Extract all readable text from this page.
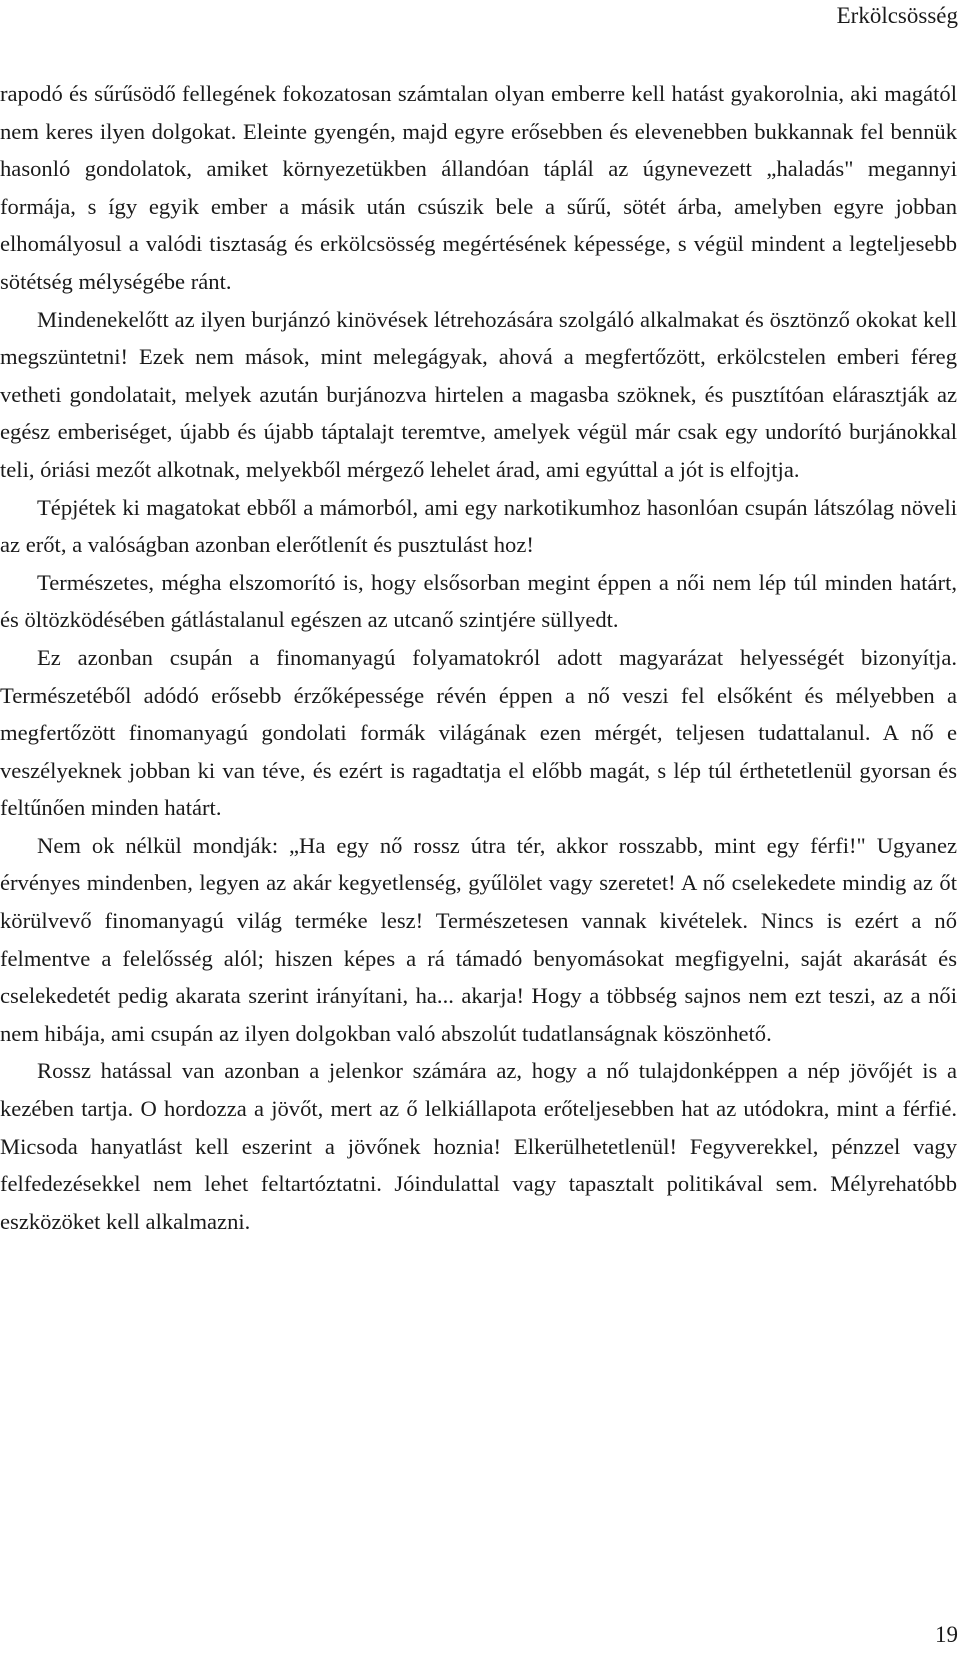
Erkölcsösség

rapodó és sűrűsödő fellegének fokozatosan számtalan olyan emberre kell hatást gyakorolnia, aki magától nem keres ilyen dolgokat. Eleinte gyengén, majd egyre erősebben és elevenebben bukkannak fel bennük hasonló gondolatok, amiket környezetükben állandóan táplál az úgynevezett „haladás" megannyi formája, s így egyik ember a másik után csúszik bele a sűrű, sötét árba, amelyben egyre jobban elhomályosul a valódi tisztaság és erkölcsösség megértésének képessége, s végül mindent a legteljesebb sötétség mélységébe ránt.

Mindenekelőtt az ilyen burjánzó kinövések létrehozására szolgáló alkalmakat és ösztönző okokat kell megszüntetni! Ezek nem mások, mint melegágyak, ahová a megfertőzött, erkölcstelen emberi féreg vetheti gondolatait, melyek azután burjánozva hirtelen a magasba szöknek, és pusztítóan elárasztják az egész emberiséget, újabb és újabb táptalajt teremtve, amelyek végül már csak egy undorító burjánokkal teli, óriási mezőt alkotnak, melyekből mérgező lehelet árad, ami egyúttal a jót is elfojtja.

Tépjétek ki magatokat ebből a mámorból, ami egy narkotikumhoz hasonlóan csupán látszólag növeli az erőt, a valóságban azonban elerőtlenít és pusztulást hoz!

Természetes, mégha elszomorító is, hogy elsősorban megint éppen a női nem lép túl minden határt, és öltözködésében gátlástalanul egészen az utcanő szintjére süllyedt.

Ez azonban csupán a finomanyagú folyamatokról adott magyarázat helyességét bizonyítja. Természetéből adódó erősebb érzőképessége révén éppen a nő veszi fel elsőként és mélyebben a megfertőzött finomanyagú gondolati formák világának ezen mérgét, teljesen tudattalanul. A nő e veszélyeknek jobban ki van téve, és ezért is ragadtatja el előbb magát, s lép túl érthetetlenül gyorsan és feltűnően minden határt.

Nem ok nélkül mondják: „Ha egy nő rossz útra tér, akkor rosszabb, mint egy férfi!" Ugyanez érvényes mindenben, legyen az akár kegyetlenség, gyűlölet vagy szeretet! A nő cselekedete mindig az őt körülvevő finomanyagú világ terméke lesz! Természetesen vannak kivételek. Nincs is ezért a nő felmentve a felelősség alól; hiszen képes a rá támadó benyomásokat megfigyelni, saját akarását és cselekedetét pedig akarata szerint irányítani, ha... akarja! Hogy a többség sajnos nem ezt teszi, az a női nem hibája, ami csupán az ilyen dolgokban való abszolút tudatlanságnak köszönhető.

Rossz hatással van azonban a jelenkor számára az, hogy a nő tulajdonképpen a nép jövőjét is a kezében tartja. O hordozza a jövőt, mert az ő lelkiállapota erőteljesebben hat az utódokra, mint a férfié. Micsoda hanyatlást kell eszerint a jövőnek hoznia! Elkerülhetetlenül! Fegyverekkel, pénzzel vagy felfedezésekkel nem lehet feltartóztatni. Jóindulattal vagy tapasztalt politikával sem. Mélyrehatóbb eszközöket kell alkalmazni.

19
